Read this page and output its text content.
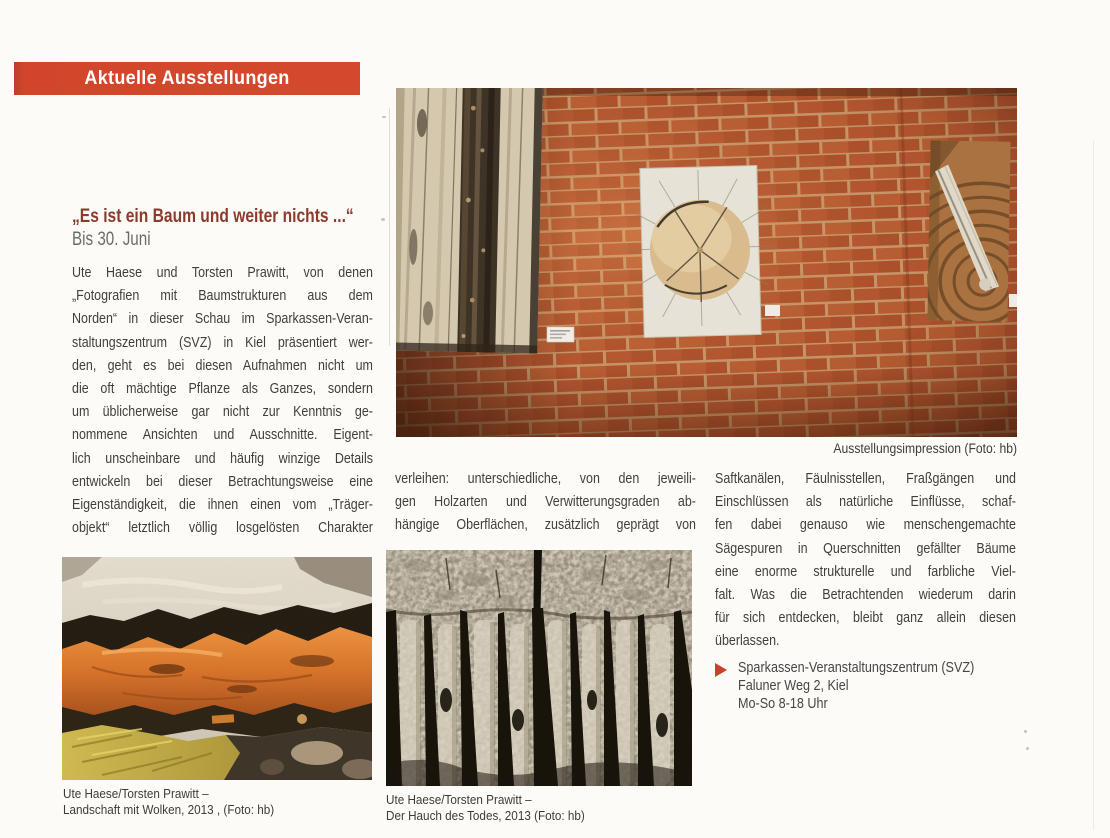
Aktuelle Ausstellungen
Ausstellungsimpression (Foto: hb)
„Es ist ein Baum und weiter nichts ...“
Bis 30. Juni
Ute Haese und Torsten Prawitt, von denen
„Fotografien mit Baumstrukturen aus dem
Norden“ in dieser Schau im Sparkassen-Veran-
staltungszentrum (SVZ) in Kiel präsentiert wer-
den, geht es bei diesen Aufnahmen nicht um
die oft mächtige Pflanze als Ganzes, sondern
um üblicherweise gar nicht zur Kenntnis ge-
nommene Ansichten und Ausschnitte. Eigent-
lich unscheinbare und häufig winzige Details
entwickeln bei dieser Betrachtungsweise eine
Eigenständigkeit, die ihnen einen vom „Träger-
objekt“ letztlich völlig losgelösten Charakter
verleihen: unterschiedliche, von den jeweili-
gen Holzarten und Verwitterungsgraden ab-
hängige Oberflächen, zusätzlich geprägt von
Saftkanälen, Fäulnisstellen, Fraßgängen und
Einschlüssen als natürliche Einflüsse, schaf-
fen dabei genauso wie menschengemachte
Sägespuren in Querschnitten gefällter Bäume
eine enorme strukturelle und farbliche Viel-
falt. Was die Betrachtenden wiederum darin
für sich entdecken, bleibt ganz allein diesen
überlassen.
Sparkassen-Veranstaltungszentrum (SVZ)
Faluner Weg 2, Kiel
Mo-So 8-18 Uhr
Ute Haese/Torsten Prawitt –
Landschaft mit Wolken, 2013 , (Foto: hb)
Ute Haese/Torsten Prawitt –
Der Hauch des Todes, 2013 (Foto: hb)
